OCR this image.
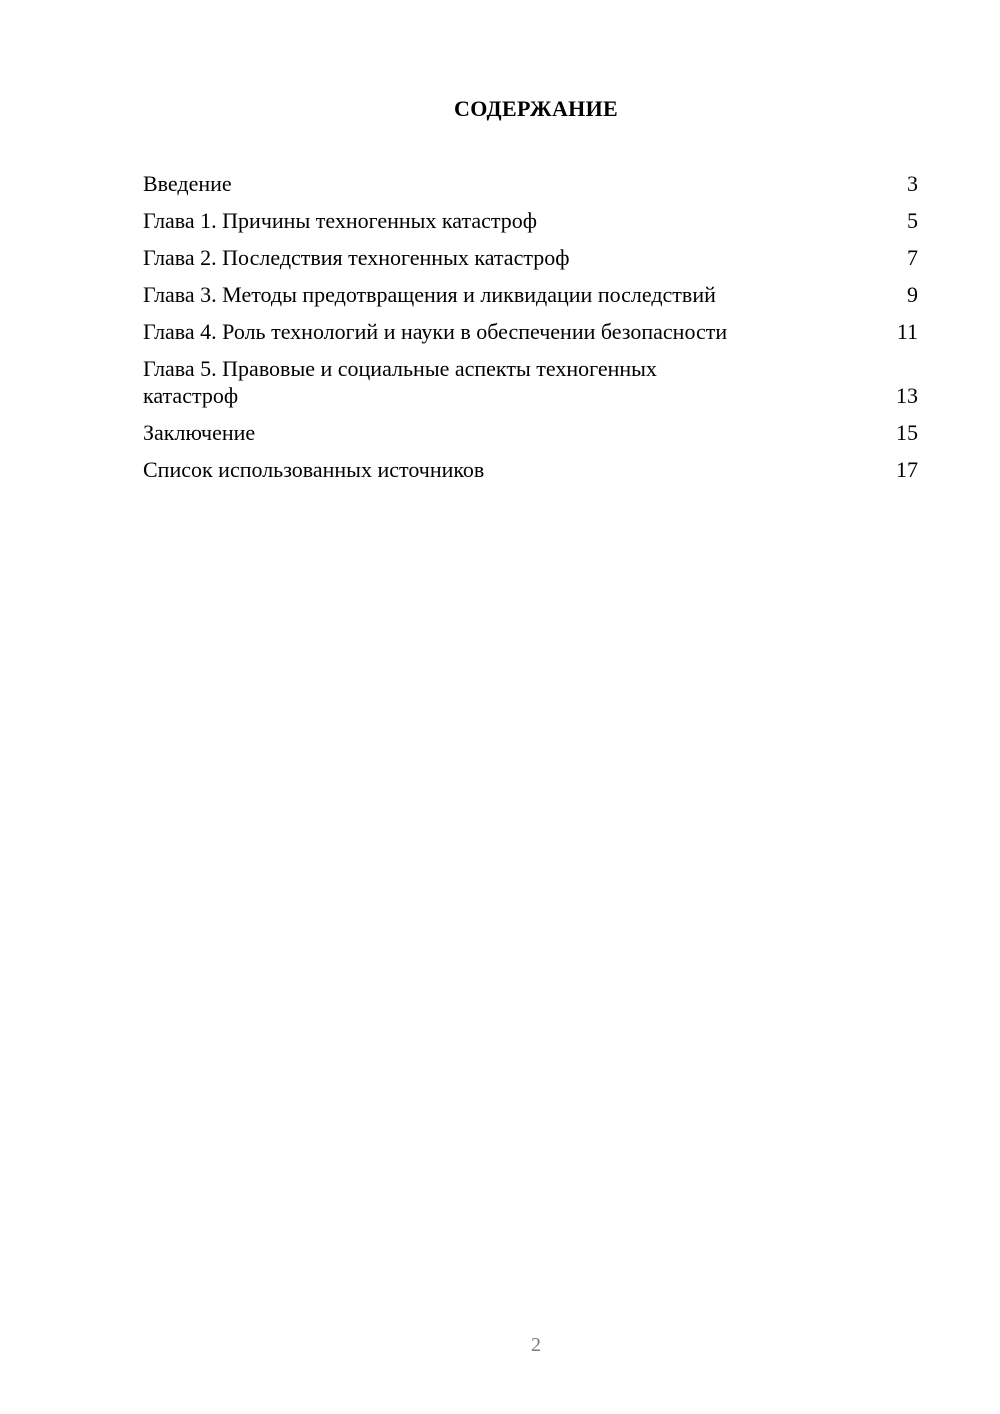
СОДЕРЖАНИЕ
Введение	3
Глава 1. Причины техногенных катастроф	5
Глава 2. Последствия техногенных катастроф	7
Глава 3. Методы предотвращения и ликвидации последствий	9
Глава 4. Роль технологий и науки в обеспечении безопасности	11
Глава 5. Правовые и социальные аспекты техногенных катастроф	13
Заключение	15
Список использованных источников	17
2
